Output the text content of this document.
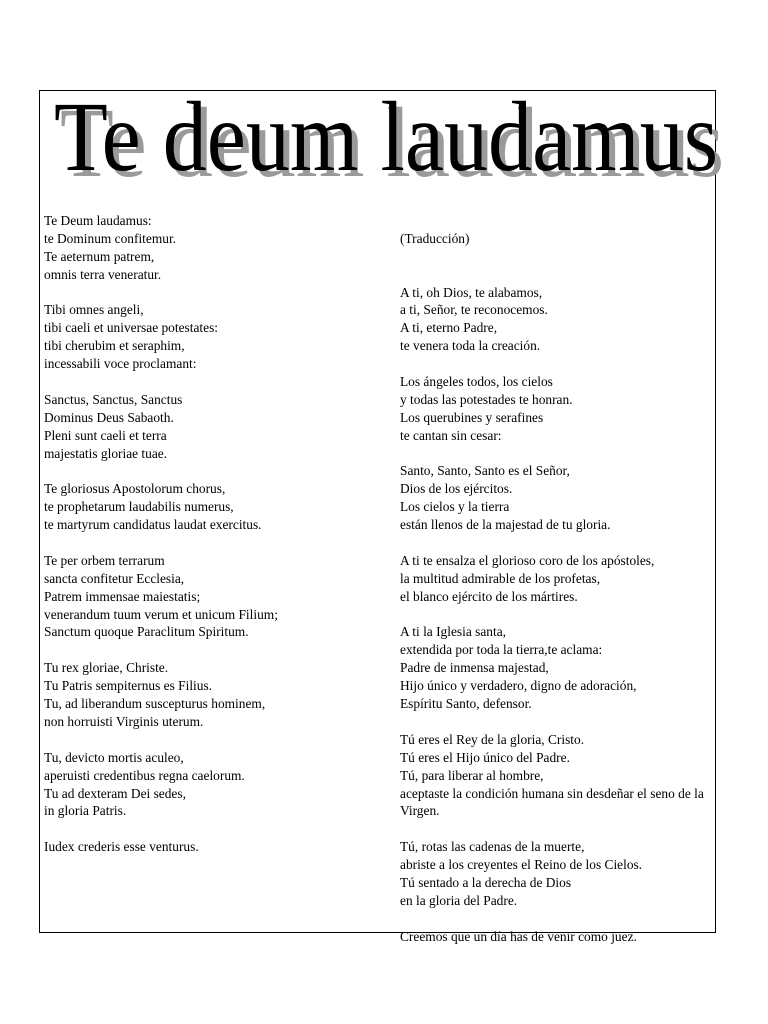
Te deum laudamus
Te deum laudamus
Te Deum laudamus:
te Dominum confitemur.
Te aeternum patrem,
omnis terra veneratur.
Tibi omnes angeli,
tibi caeli et universae potestates:
tibi cherubim et seraphim,
incessabili voce proclamant:
Sanctus, Sanctus, Sanctus
Dominus Deus Sabaoth.
Pleni sunt caeli et terra
majestatis gloriae tuae.
Te gloriosus Apostolorum chorus,
te prophetarum laudabilis numerus,
te martyrum candidatus laudat exercitus.
Te per orbem terrarum
sancta confitetur Ecclesia,
Patrem immensae maiestatis;
venerandum tuum verum et unicum Filium;
Sanctum quoque Paraclitum Spiritum.
Tu rex gloriae, Christe.
Tu Patris sempiternus es Filius.
Tu, ad liberandum suscepturus hominem,
non horruisti Virginis uterum.
Tu, devicto mortis aculeo,
aperuisti credentibus regna caelorum.
Tu ad dexteram Dei sedes,
in gloria Patris.
Iudex crederis esse venturus.

(Traducción)

A ti, oh Dios, te alabamos,
a ti, Señor, te reconocemos.
A ti, eterno Padre,
te venera toda la creación.
Los ángeles todos, los cielos
y todas las potestades te honran.
Los querubines y serafines
te cantan sin cesar:
Santo, Santo, Santo es el Señor,
Dios de los ejércitos.
Los cielos y la tierra
están llenos de la majestad de tu gloria.
A ti te ensalza el glorioso coro de los apóstoles,
la multitud admirable de los profetas,
el blanco ejército de los mártires.
A ti la Iglesia santa,
extendida por toda la tierra,te aclama:
Padre de inmensa majestad,
Hijo único y verdadero, digno de adoración,
Espíritu Santo, defensor.
Tú eres el Rey de la gloria, Cristo.
Tú eres el Hijo único del Padre.
Tú, para liberar al hombre,
aceptaste la condición humana sin desdeñar el seno de la Virgen.
Tú, rotas las cadenas de la muerte,
abriste a los creyentes el Reino de los Cielos.
Tú sentado a la derecha de Dios
en la gloria del Padre.
Creemos que un día has de venir como juez.
